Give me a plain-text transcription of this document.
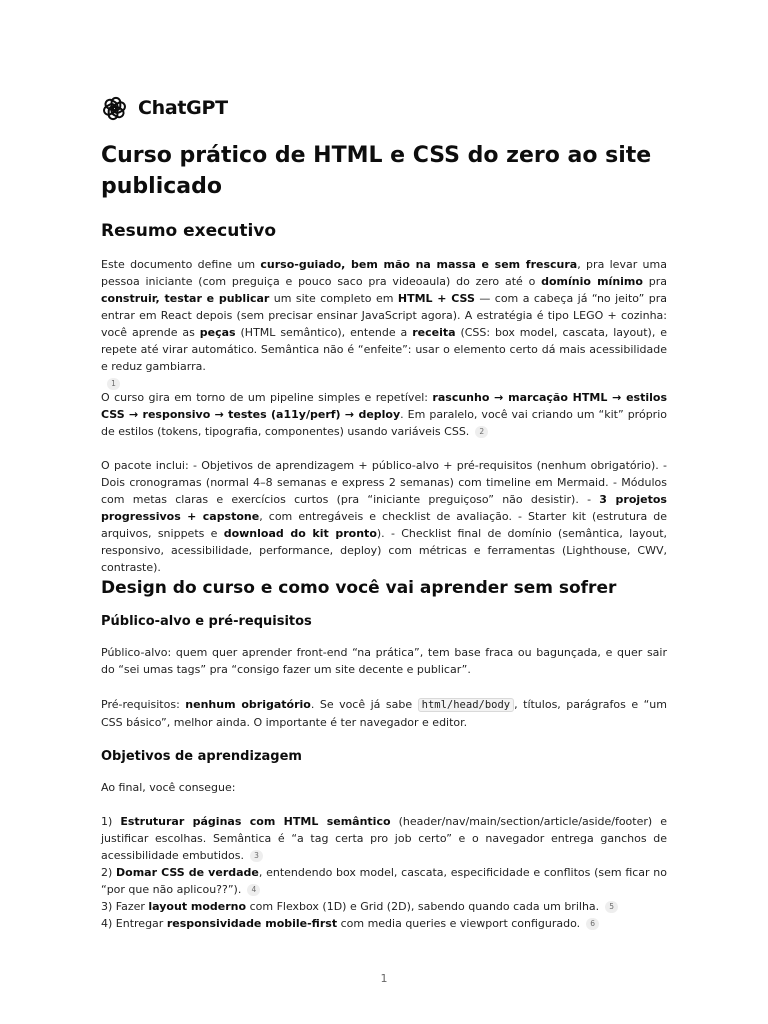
ChatGPT
Curso prático de HTML e CSS do zero ao site publicado
Resumo executivo

Este documento define um curso-guiado, bem mão na massa e sem frescura, pra levar uma pessoa iniciante (com preguiça e pouco saco pra videoaula) do zero até o domínio mínimo pra construir, testar e publicar um site completo em HTML + CSS — com a cabeça já “no jeito” pra entrar em React depois (sem precisar ensinar JavaScript agora). A estratégia é tipo LEGO + cozinha: você aprende as peças (HTML semântico), entende a receita (CSS: box model, cascata, layout), e repete até virar automático. Semântica não é “enfeite”: usar o elemento certo dá mais acessibilidade e reduz gambiarra.
1

O curso gira em torno de um pipeline simples e repetível: rascunho → marcação HTML → estilos CSS → responsivo → testes (a11y/perf) → deploy. Em paralelo, você vai criando um “kit” próprio de estilos (tokens, tipografia, componentes) usando variáveis CSS. 2

O pacote inclui: - Objetivos de aprendizagem + público-alvo + pré-requisitos (nenhum obrigatório). - Dois cronogramas (normal 4–8 semanas e express 2 semanas) com timeline em Mermaid. - Módulos com metas claras e exercícios curtos (pra “iniciante preguiçoso” não desistir). - 3 projetos progressivos + capstone, com entregáveis e checklist de avaliação. - Starter kit (estrutura de arquivos, snippets e download do kit pronto). - Checklist final de domínio (semântica, layout, responsivo, acessibilidade, performance, deploy) com métricas e ferramentas (Lighthouse, CWV, contraste).

Design do curso e como você vai aprender sem sofrer
Público-alvo e pré-requisitos

Público-alvo: quem quer aprender front-end “na prática”, tem base fraca ou bagunçada, e quer sair do “sei umas tags” pra “consigo fazer um site decente e publicar”.

Pré-requisitos: nenhum obrigatório. Se você já sabe html/head/body , títulos, parágrafos e “um CSS básico”, melhor ainda. O importante é ter navegador e editor.

Objetivos de aprendizagem

Ao final, você consegue:

1) Estruturar páginas com HTML semântico (header/nav/main/section/article/aside/footer) e justificar escolhas. Semântica é “a tag certa pro job certo” e o navegador entrega ganchos de acessibilidade embutidos. 3
2) Domar CSS de verdade, entendendo box model, cascata, especificidade e conflitos (sem ficar no “por que não aplicou??”). 4
3) Fazer layout moderno com Flexbox (1D) e Grid (2D), sabendo quando cada um brilha. 5
4) Entregar responsividade mobile-first com media queries e viewport configurado. 6

1
